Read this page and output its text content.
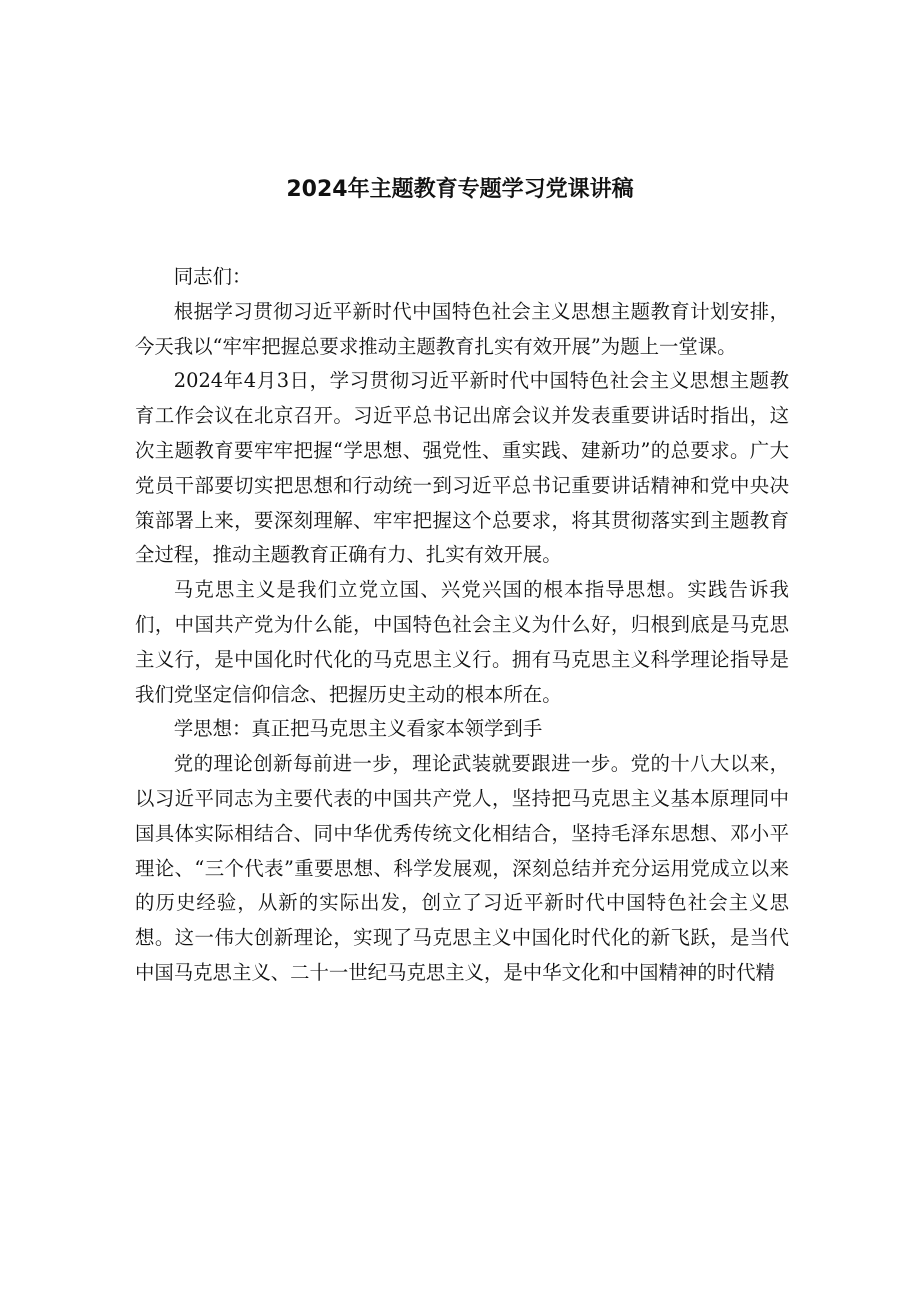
2024年主题教育专题学习党课讲稿

同志们：

根据学习贯彻习近平新时代中国特色社会主义思想主题教育计划安排，今天我以“牢牢把握总要求推动主题教育扎实有效开展”为题上一堂课。

2024年4月3日，学习贯彻习近平新时代中国特色社会主义思想主题教育工作会议在北京召开。习近平总书记出席会议并发表重要讲话时指出，这次主题教育要牢牢把握“学思想、强党性、重实践、建新功”的总要求。广大党员干部要切实把思想和行动统一到习近平总书记重要讲话精神和党中央决策部署上来，要深刻理解、牢牢把握这个总要求，将其贯彻落实到主题教育全过程，推动主题教育正确有力、扎实有效开展。

马克思主义是我们立党立国、兴党兴国的根本指导思想。实践告诉我们，中国共产党为什么能，中国特色社会主义为什么好，归根到底是马克思主义行，是中国化时代化的马克思主义行。拥有马克思主义科学理论指导是我们党坚定信仰信念、把握历史主动的根本所在。

学思想：真正把马克思主义看家本领学到手

党的理论创新每前进一步，理论武装就要跟进一步。党的十八大以来，以习近平同志为主要代表的中国共产党人，坚持把马克思主义基本原理同中国具体实际相结合、同中华优秀传统文化相结合，坚持毛泽东思想、邓小平理论、“三个代表”重要思想、科学发展观，深刻总结并充分运用党成立以来的历史经验，从新的实际出发，创立了习近平新时代中国特色社会主义思想。这一伟大创新理论，实现了马克思主义中国化时代化的新飞跃，是当代中国马克思主义、二十一世纪马克思主义，是中华文化和中国精神的时代精
